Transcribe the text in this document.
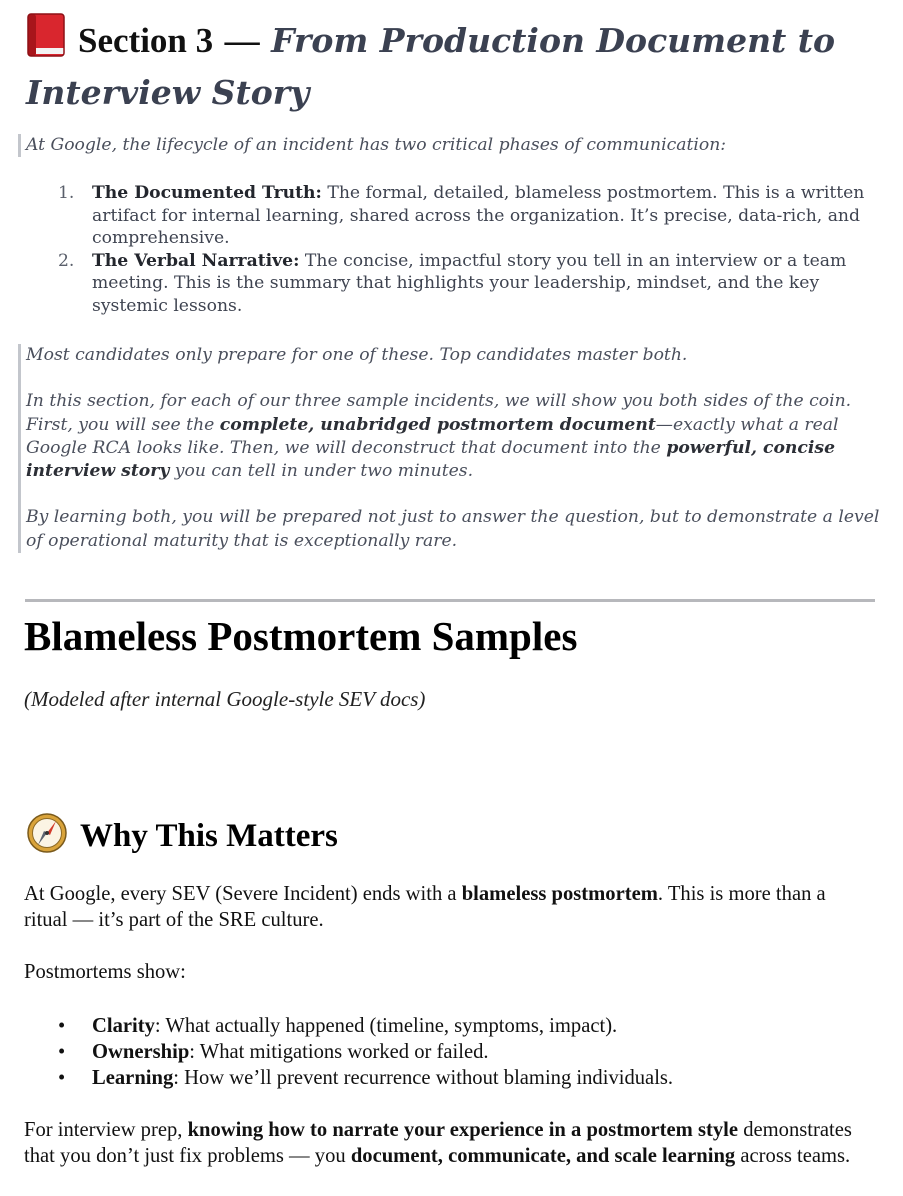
Section 3 — From Production Document to Interview Story

At Google, the lifecycle of an incident has two critical phases of communication:

1. The Documented Truth: The formal, detailed, blameless postmortem. This is a written artifact for internal learning, shared across the organization. It’s precise, data-rich, and comprehensive.
2. The Verbal Narrative: The concise, impactful story you tell in an interview or a team meeting. This is the summary that highlights your leadership, mindset, and the key systemic lessons.

Most candidates only prepare for one of these. Top candidates master both.

In this section, for each of our three sample incidents, we will show you both sides of the coin. First, you will see the complete, unabridged postmortem document—exactly what a real Google RCA looks like. Then, we will deconstruct that document into the powerful, concise interview story you can tell in under two minutes.

By learning both, you will be prepared not just to answer the question, but to demonstrate a level of operational maturity that is exceptionally rare.

Blameless Postmortem Samples

(Modeled after internal Google-style SEV docs)

Why This Matters

At Google, every SEV (Severe Incident) ends with a blameless postmortem. This is more than a ritual — it’s part of the SRE culture.

Postmortems show:

• Clarity: What actually happened (timeline, symptoms, impact).
• Ownership: What mitigations worked or failed.
• Learning: How we’ll prevent recurrence without blaming individuals.

For interview prep, knowing how to narrate your experience in a postmortem style demonstrates that you don’t just fix problems — you document, communicate, and scale learning across teams.
